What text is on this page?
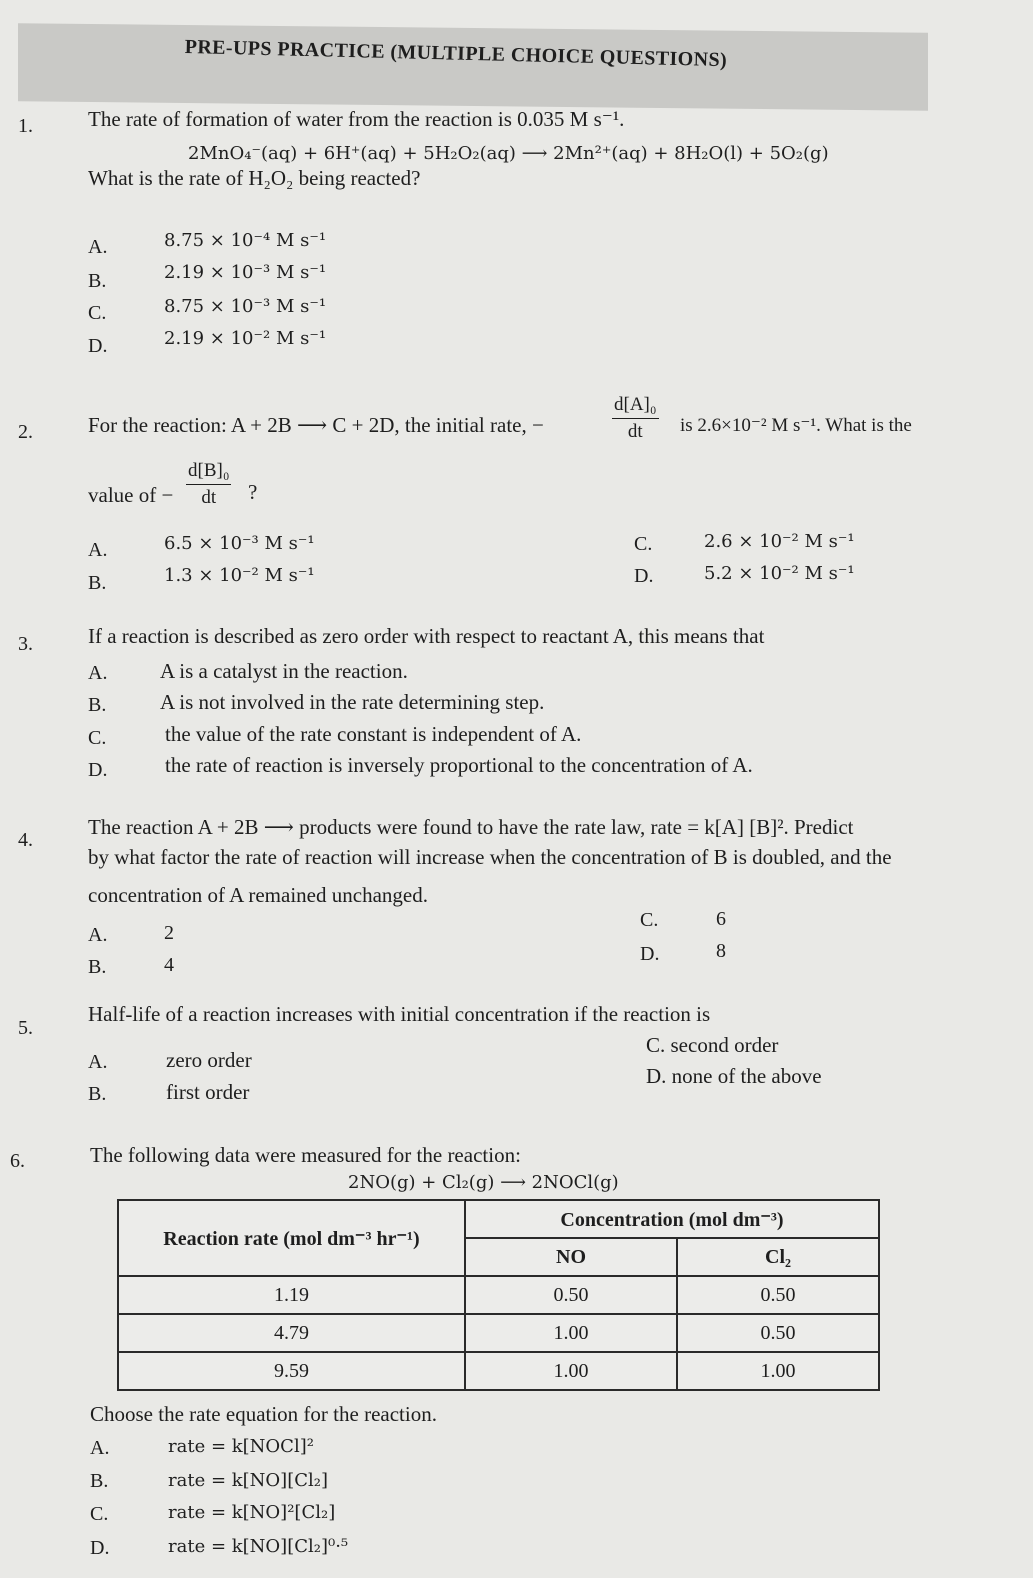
PRE-UPS PRACTICE (MULTIPLE CHOICE QUESTIONS)
1.	The rate of formation of water from the reaction is 0.035 M s⁻¹.
2MnO₄⁻(aq) + 6H⁺(aq) + 5H₂O₂(aq) ⟶ 2Mn²⁺(aq) + 8H₂O(l) + 5O₂(g)
What is the rate of H₂O₂ being reacted?
A.	8.75 × 10⁻⁴ M s⁻¹
B.	2.19 × 10⁻³ M s⁻¹
C.	8.75 × 10⁻³ M s⁻¹
D.	2.19 × 10⁻² M s⁻¹
2.	For the reaction: A + 2B ⟶ C + 2D, the initial rate, −
d[A]₀
dt	is 2.6×10⁻² M s⁻¹. What is the
value of −
d[B]₀
dt	?
A.	6.5 × 10⁻³ M s⁻¹
B.	1.3 × 10⁻² M s⁻¹
C.	2.6 × 10⁻² M s⁻¹
D.	5.2 × 10⁻² M s⁻¹
3.	If a reaction is described as zero order with respect to reactant A, this means that
A.	A is a catalyst in the reaction.
B.	A is not involved in the rate determining step.
C.	the value of the rate constant is independent of A.
D.	the rate of reaction is inversely proportional to the concentration of A.
4.
The reaction A + 2B ⟶ products were found to have the rate law, rate = k[A] [B]². Predict
by what factor the rate of reaction will increase when the concentration of B is doubled, and the
concentration of A remained unchanged.
A.	2
B.	4
C.	6
D.	8
5.
Half-life of a reaction increases with initial concentration if the reaction is
A.	zero order
B.	first order
C. second order
D. none of the above
6.	The following data were measured for the reaction:
2NO(g) + Cl₂(g) ⟶ 2NOCl(g)
Reaction rate (mol dm⁻³ hr⁻¹)	Concentration (mol dm⁻³)	
	NO	Cl₂
1.19	0.50	0.50
4.79	1.00	0.50
9.59	1.00	1.00
Choose the rate equation for the reaction.
A.	rate = k[NOCl]²
B.	rate = k[NO][Cl₂]
C.	rate = k[NO]²[Cl₂]
D.	rate = k[NO][Cl₂]⁰·⁵
